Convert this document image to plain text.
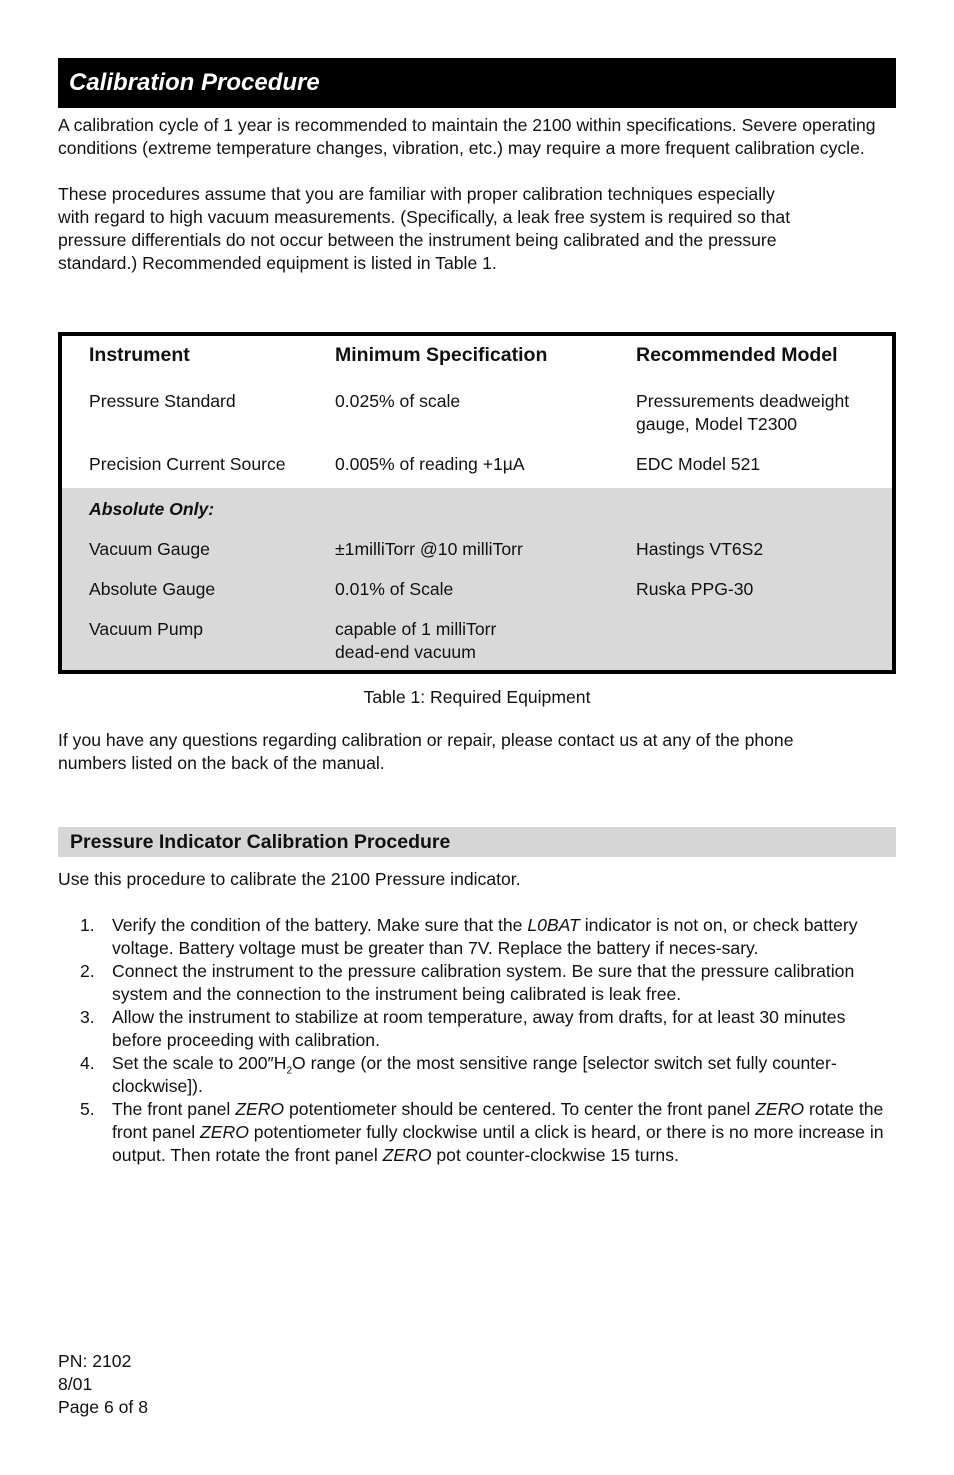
Calibration Procedure

A calibration cycle of 1 year is recommended to maintain the 2100 within specifications. Severe operating conditions (extreme temperature changes, vibration, etc.) may require a more frequent calibration cycle.

These procedures assume that you are familiar with proper calibration techniques especially
with regard to high vacuum measurements. (Specifically, a leak free system is required so that
pressure differentials do not occur between the instrument being calibrated and the pressure
standard.) Recommended equipment is listed in Table 1.
Instrument	Minimum Specification	Recommended Model
Pressure Standard	0.025% of scale	Pressurements deadweight
gauge, Model T2300
Precision Current Source	0.005% of reading +1µA	EDC Model 521
Absolute Only:
Vacuum Gauge	±1milliTorr @10 milliTorr	Hastings VT6S2
Absolute Gauge	0.01% of Scale	Ruska PPG-30
Vacuum Pump	capable of 1 milliTorr
dead-end vacuum
Table 1: Required Equipment
If you have any questions regarding calibration or repair, please contact us at any of the phone
numbers listed on the back of the manual.
Pressure Indicator Calibration Procedure

Use this procedure to calibrate the 2100 Pressure indicator.

1. Verify the condition of the battery. Make sure that the L0BAT indicator is not on, or check battery voltage. Battery voltage must be greater than 7V. Replace the battery if neces-sary.
2. Connect the instrument to the pressure calibration system. Be sure that the pressure calibration system and the connection to the instrument being calibrated is leak free.
3. Allow the instrument to stabilize at room temperature, away from drafts, for at least 30 minutes before proceeding with calibration.
4. Set the scale to $200''H_2O$ range (or the most sensitive range [selector switch set fully counter-clockwise]).
5. The front panel ZERO potentiometer should be centered. To center the front panel ZERO rotate the front panel ZERO potentiometer fully clockwise until a click is heard, or there is no more increase in output. Then rotate the front panel ZERO pot counter-clockwise 15 turns.
PN: 2102
8/01
Page 6 of 8
